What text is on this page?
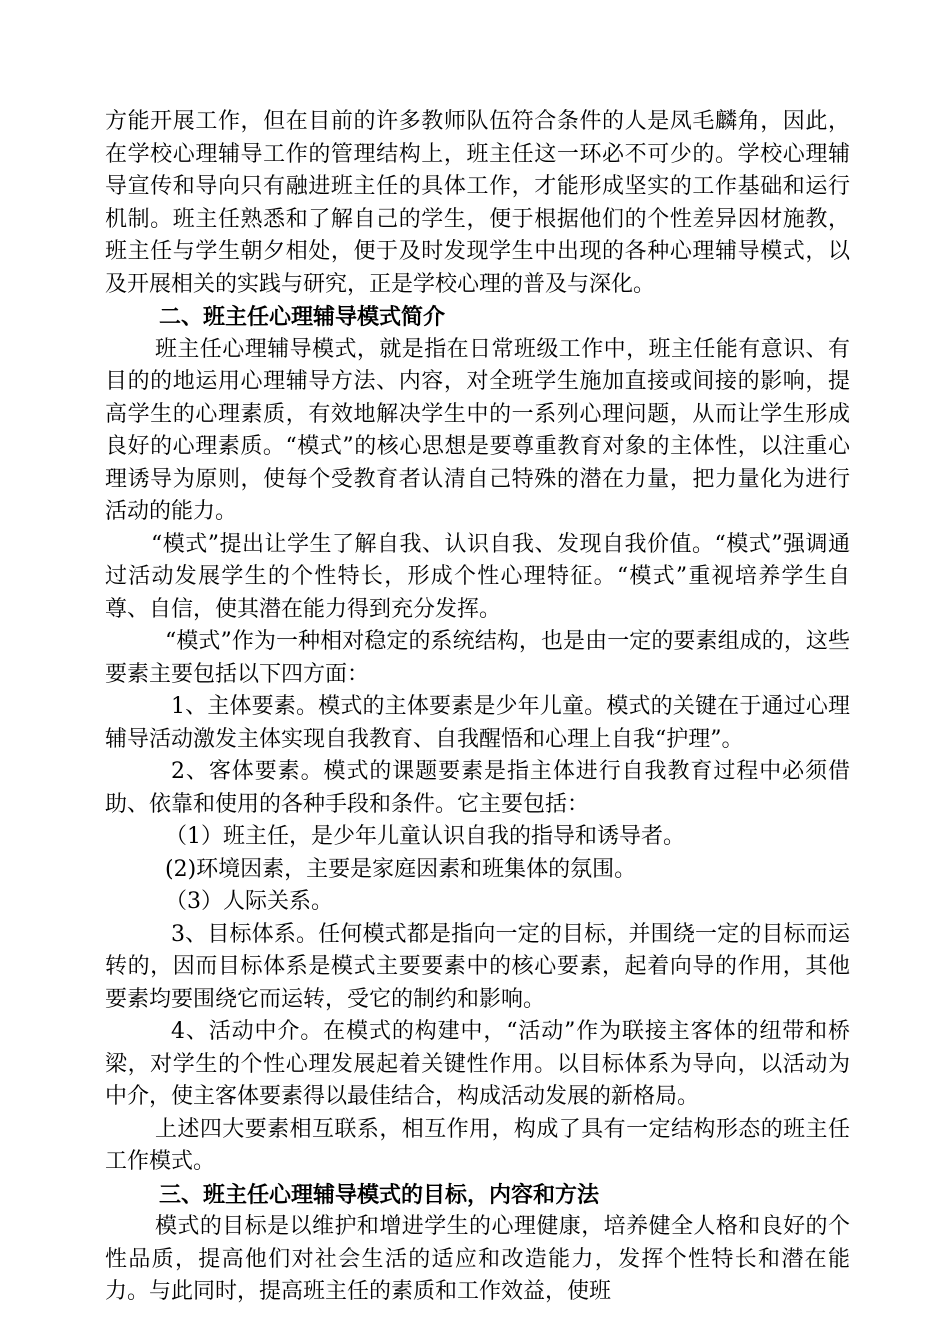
方能开展工作，但在目前的许多教师队伍符合条件的人是凤毛麟角，因此，在学校心理辅导工作的管理结构上，班主任这一环必不可少的。学校心理辅导宣传和导向只有融进班主任的具体工作，才能形成坚实的工作基础和运行机制。班主任熟悉和了解自己的学生，便于根据他们的个性差异因材施教，班主任与学生朝夕相处，便于及时发现学生中出现的各种心理辅导模式，以及开展相关的实践与研究，正是学校心理的普及与深化。

二、班主任心理辅导模式简介

班主任心理辅导模式，就是指在日常班级工作中，班主任能有意识、有目的的地运用心理辅导方法、内容，对全班学生施加直接或间接的影响，提高学生的心理素质，有效地解决学生中的一系列心理问题，从而让学生形成良好的心理素质。“模式”的核心思想是要尊重教育对象的主体性，以注重心理诱导为原则，使每个受教育者认清自己特殊的潜在力量，把力量化为进行活动的能力。

“模式”提出让学生了解自我、认识自我、发现自我价值。“模式”强调通过活动发展学生的个性特长，形成个性心理特征。“模式”重视培养学生自尊、自信，使其潜在能力得到充分发挥。

“模式”作为一种相对稳定的系统结构，也是由一定的要素组成的，这些要素主要包括以下四方面：

1、主体要素。模式的主体要素是少年儿童。模式的关键在于通过心理辅导活动激发主体实现自我教育、自我醒悟和心理上自我“护理”。

2、客体要素。模式的课题要素是指主体进行自我教育过程中必须借助、依靠和使用的各种手段和条件。它主要包括：

（1）班主任，是少年儿童认识自我的指导和诱导者。

(2)环境因素，主要是家庭因素和班集体的氛围。

（3）人际关系。

3、目标体系。任何模式都是指向一定的目标，并围绕一定的目标而运转的，因而目标体系是模式主要要素中的核心要素，起着向导的作用，其他要素均要围绕它而运转，受它的制约和影响。

4、活动中介。在模式的构建中，“活动”作为联接主客体的纽带和桥梁，对学生的个性心理发展起着关键性作用。以目标体系为导向，以活动为中介，使主客体要素得以最佳结合，构成活动发展的新格局。

上述四大要素相互联系，相互作用，构成了具有一定结构形态的班主任工作模式。

三、班主任心理辅导模式的目标，内容和方法

模式的目标是以维护和增进学生的心理健康，培养健全人格和良好的个性品质，提高他们对社会生活的适应和改造能力，发挥个性特长和潜在能力。与此同时，提高班主任的素质和工作效益，使班
